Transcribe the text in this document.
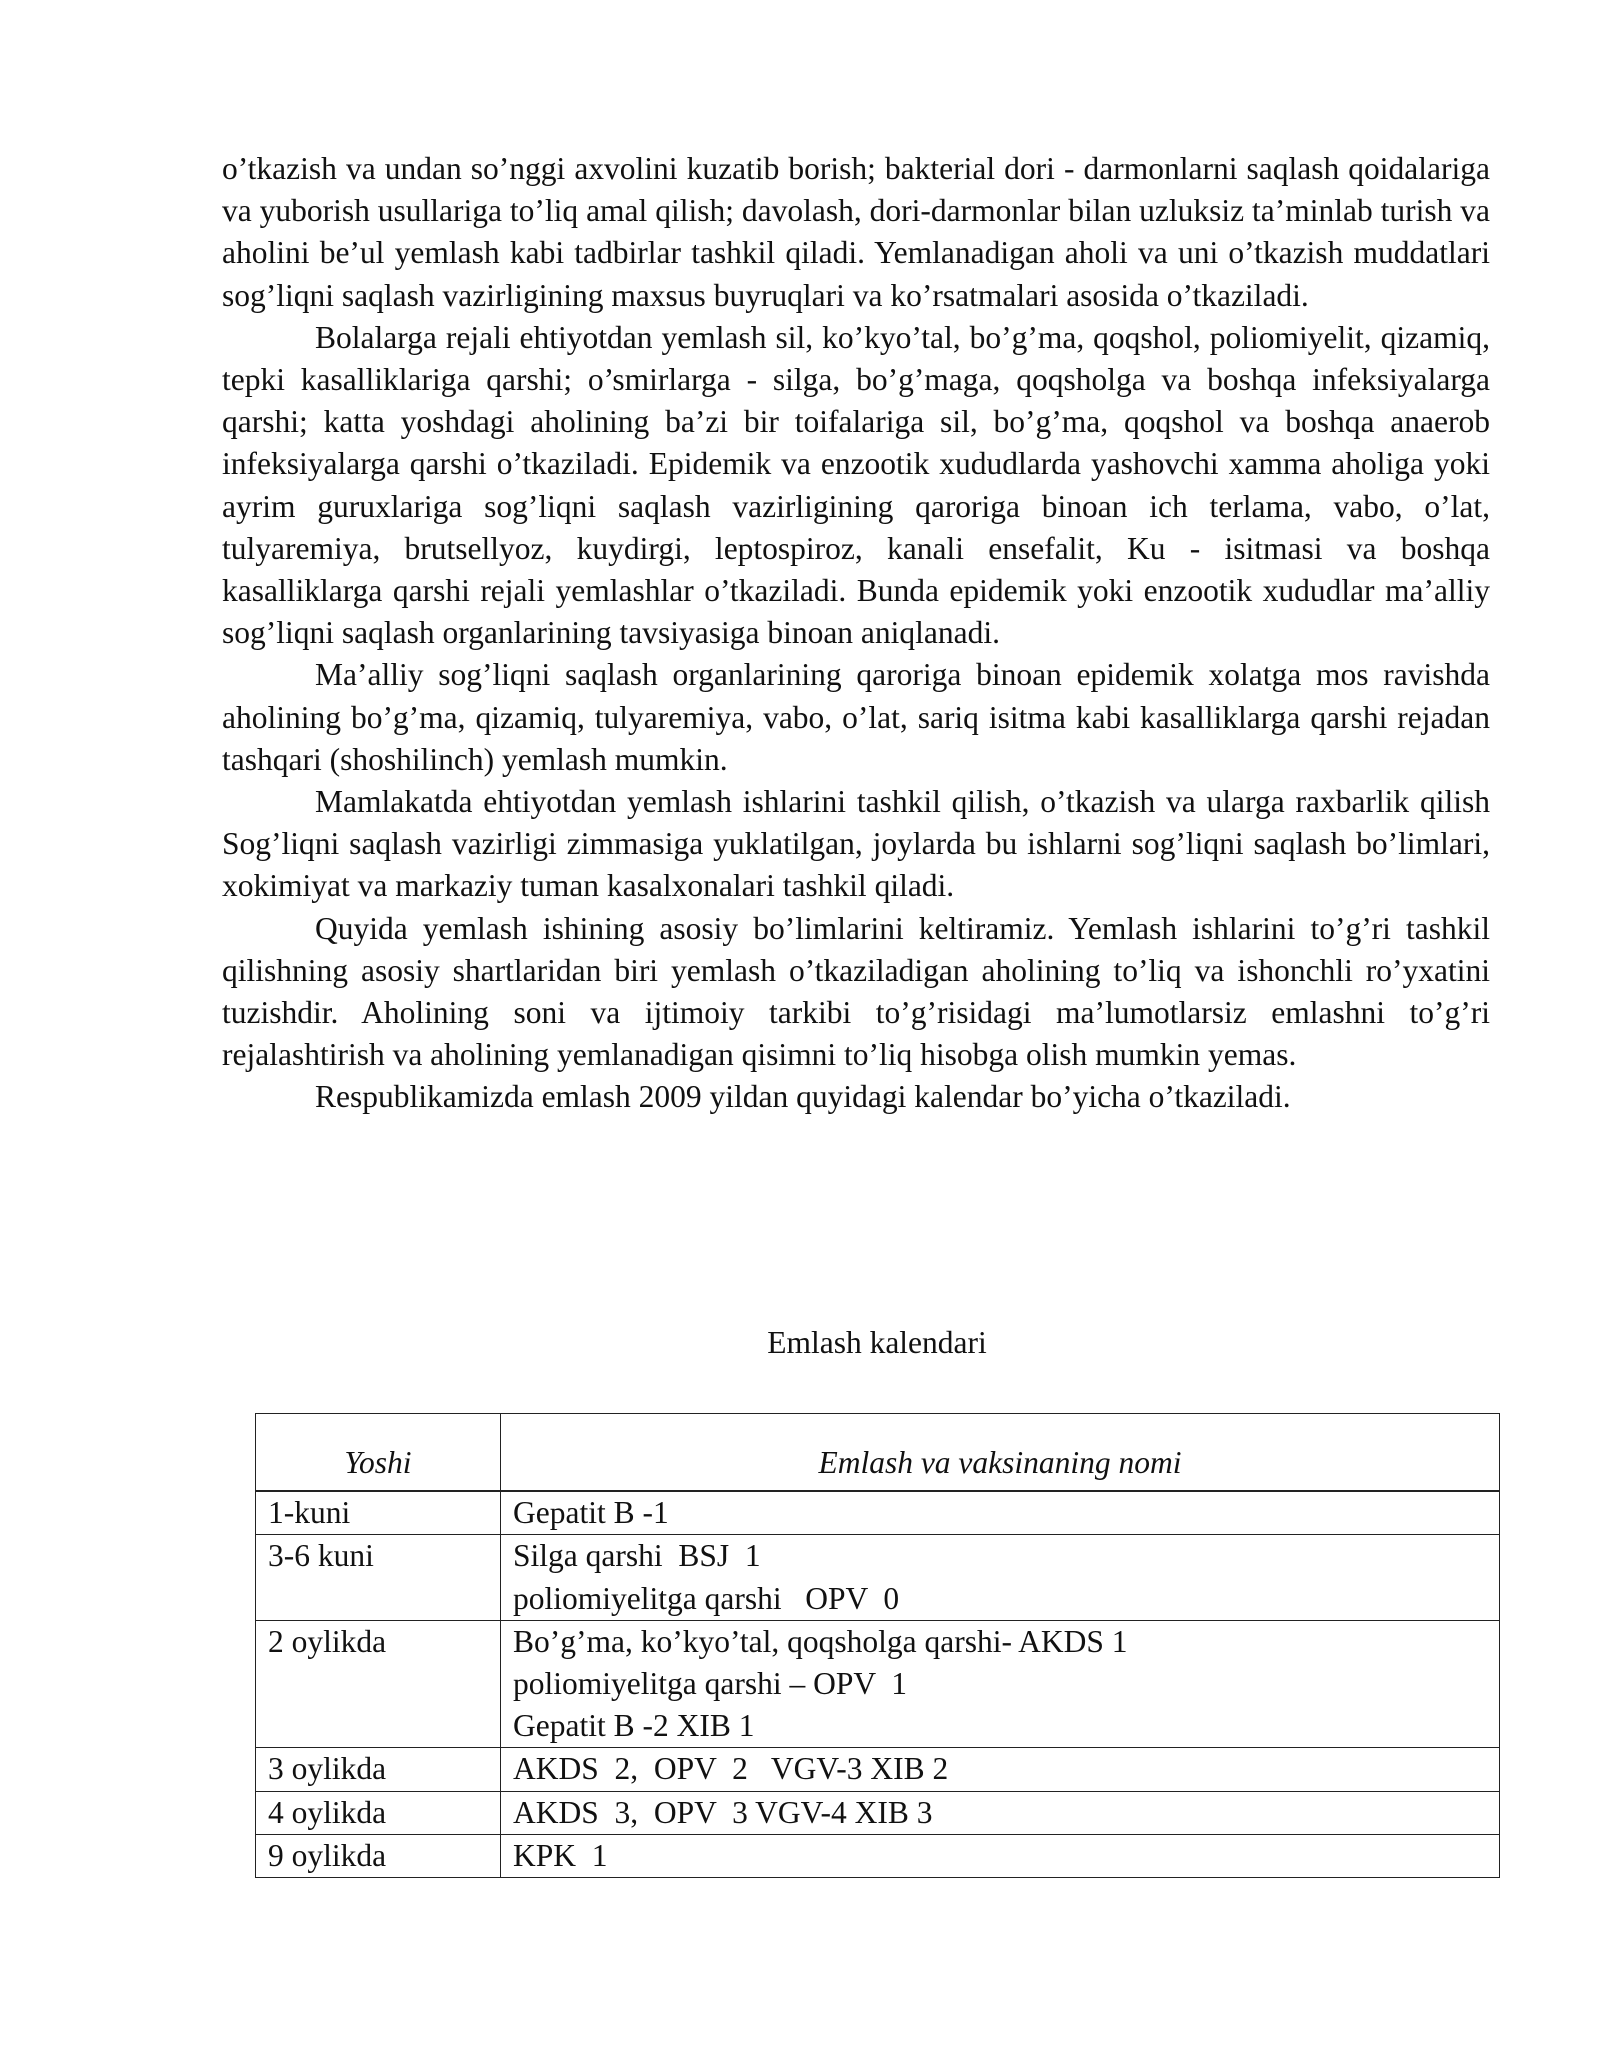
o’tkazish va undan so’nggi axvolini kuzatib borish; bakterial dori - darmonlarni saqlash qoidalariga va yuborish usullariga to’liq amal qilish; davolash, dori-darmonlar bilan uzluksiz ta’minlab turish va aholini be’ul yemlash kabi tadbirlar tashkil qiladi. Yemlanadigan aholi va uni o’tkazish muddatlari sog’liqni saqlash vazirligining maxsus buyruqlari va ko’rsatmalari asosida o’tkaziladi.

Bolalarga rejali ehtiyotdan yemlash sil, ko’kyo’tal, bo’g’ma, qoqshol, poliomiyelit, qizamiq, tepki kasalliklariga qarshi; o’smirlarga - silga, bo’g’maga, qoqsholga va boshqa infeksiyalarga qarshi; katta yoshdagi aholining ba’zi bir toifalariga sil, bo’g’ma, qoqshol va boshqa anaerob infeksiyalarga qarshi o’tkaziladi. Epidemik va enzootik xududlarda yashovchi xamma aholiga yoki ayrim guruxlariga sog’liqni saqlash vazirligining qaroriga binoan ich terlama, vabo, o’lat, tulyaremiya, brutsellyoz, kuydirgi, leptospiroz, kanali ensefalit, Ku - isitmasi va boshqa kasalliklarga qarshi rejali yemlashlar o’tkaziladi. Bunda epidemik yoki enzootik xududlar ma’alliy sog’liqni saqlash organlarining tavsiyasiga binoan aniqlanadi.

Ma’alliy sog’liqni saqlash organlarining qaroriga binoan epidemik xolatga mos ravishda aholining bo’g’ma, qizamiq, tulyaremiya, vabo, o’lat, sariq isitma kabi kasalliklarga qarshi rejadan tashqari (shoshilinch) yemlash mumkin.

Mamlakatda ehtiyotdan yemlash ishlarini tashkil qilish, o’tkazish va ularga raxbarlik qilish Sog’liqni saqlash vazirligi zimmasiga yuklatilgan, joylarda bu ishlarni sog’liqni saqlash bo’limlari, xokimiyat va markaziy tuman kasalxonalari tashkil qiladi.

Quyida yemlash ishining asosiy bo’limlarini keltiramiz. Yemlash ishlarini to’g’ri tashkil qilishning asosiy shartlaridan biri yemlash o’tkaziladigan aholining to’liq va ishonchli ro’yxatini tuzishdir. Aholining soni va ijtimoiy tarkibi to’g’risidagi ma’lumotlarsiz emlashni to’g’ri rejalashtirish va aholining yemlanadigan qisimni to’liq hisobga olish mumkin yemas.

Respublikamizda emlash 2009 yildan quyidagi kalendar bo’yicha o’tkaziladi.

Emlash kalendari

Yoshi	Emlash va vaksinaning nomi
1-kuni	Gepatit B -1

3-6 kuni	Silga qarshi  BSJ  1
poliomiyelitga qarshi   OPV  0

2 oylikda	Bo’g’ma, ko’kyo’tal, qoqsholga qarshi- AKDS 1
poliomiyelitga qarshi – OPV  1
Gepatit B -2 XIB 1

3 oylikda	AKDS  2,  OPV  2   VGV-3 XIB 2

4 oylikda	AKDS  3,  OPV  3 VGV-4 XIB 3

9 oylikda	KPK  1
